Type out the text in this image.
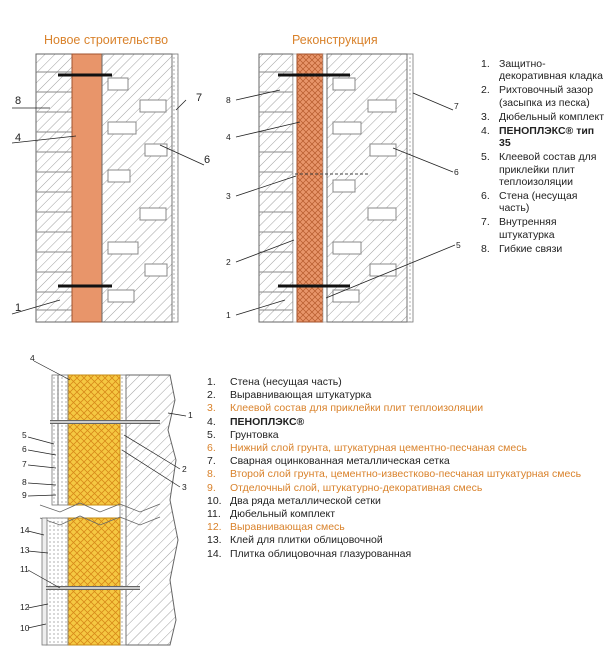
Новое строительство	Реконструкция
8
4
1
7
6
8
4
3
2
1
7
6
5
4
5
6
7
8
9
14
13
11
12
10
1
2
3
1. Защитно-декоративная кладка
2. Рихтовочный зазор (засыпка из песка)
3. Дюбельный комплект
4. ПЕНОПЛЭКС® тип 35
5. Клеевой состав для приклейки плит теплоизоляции
6. Стена (несущая часть)
7. Внутренняя штукатурка
8. Гибкие связи
1. Стена (несущая часть)
2. Выравнивающая штукатурка
3. Клеевой состав для приклейки плит теплоизоляции
4. ПЕНОПЛЭКС®
5. Грунтовка
6. Нижний слой грунта, штукатурная цементно-песчаная смесь
7. Сварная оцинкованная металлическая сетка
8. Второй слой грунта, цементно-известково-песчаная штукатурная смесь
9. Отделочный слой, штукатурно-декоративная смесь
10. Два ряда металлической сетки
11. Дюбельный комплект
12. Выравнивающая смесь
13. Клей для плитки облицовочной
14. Плитка облицовочная глазурованная
